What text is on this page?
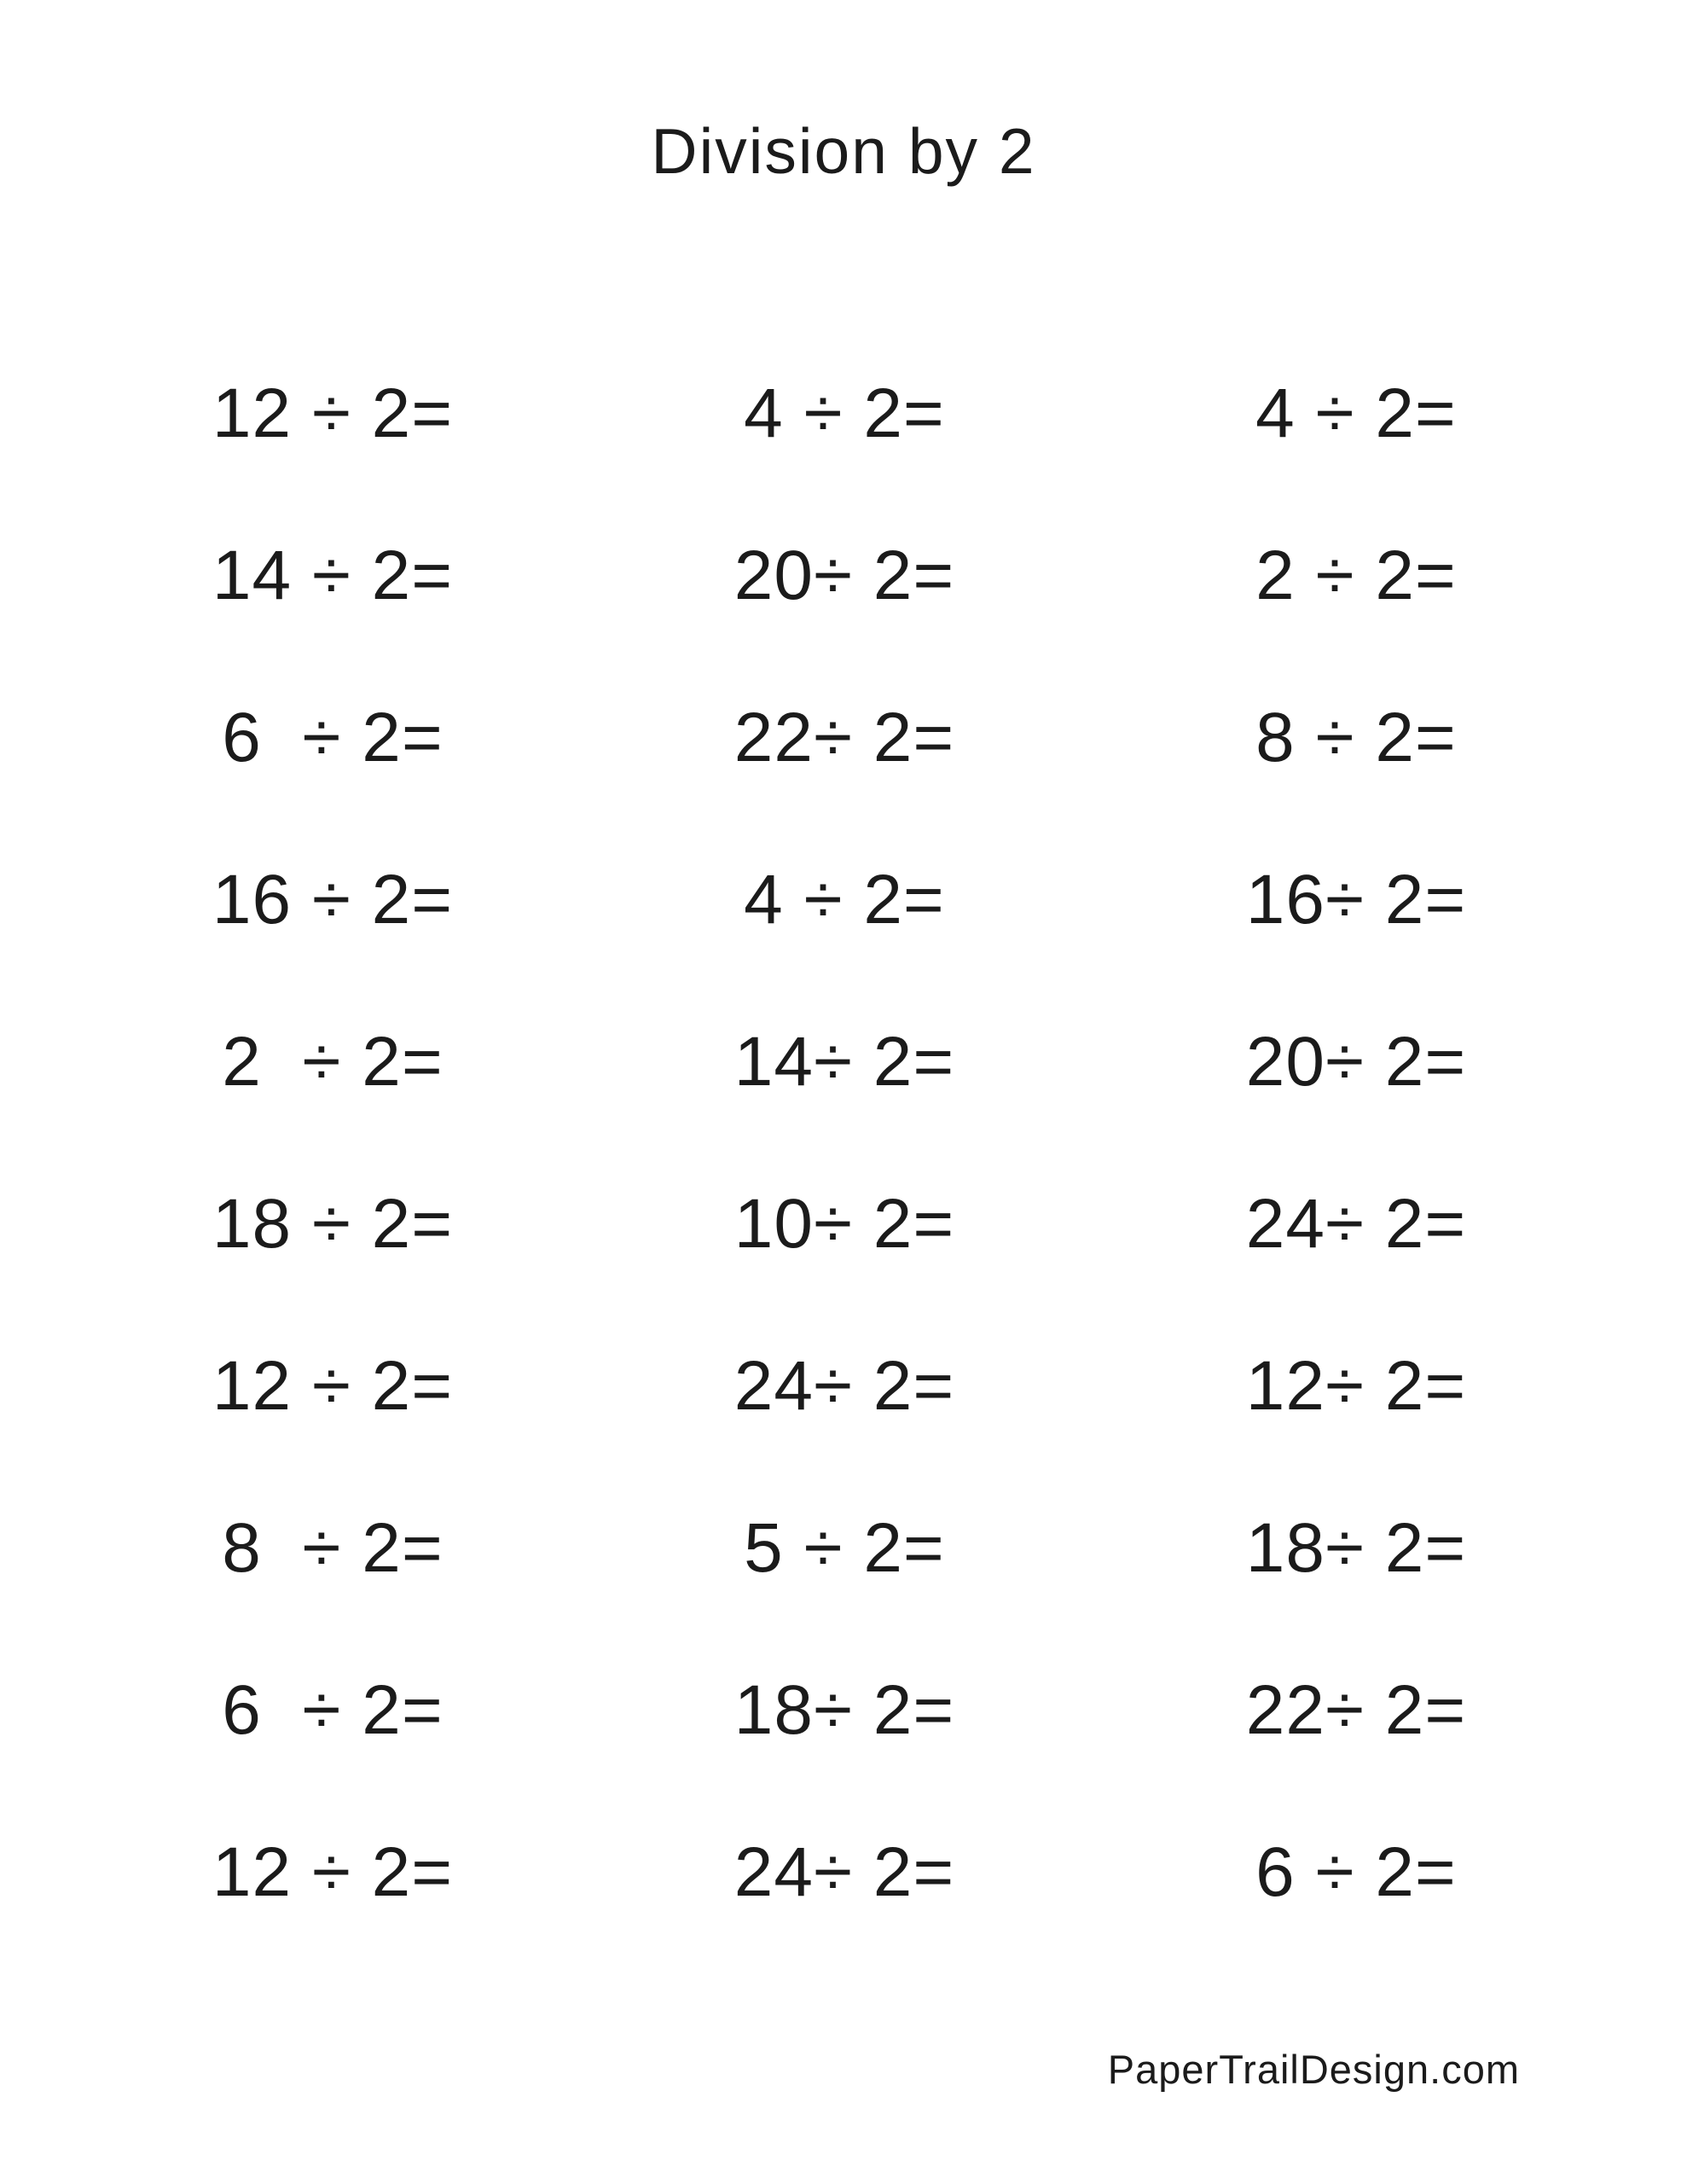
Division by 2
12 ÷ 2=	4 ÷ 2=	4 ÷ 2=
14 ÷ 2=	20÷ 2=	2 ÷ 2=
6  ÷ 2=	22÷ 2=	8 ÷ 2=
16 ÷ 2=	4 ÷ 2=	16÷ 2=
2  ÷ 2=	14÷ 2=	20÷ 2=
18 ÷ 2=	10÷ 2=	24÷ 2=
12 ÷ 2=	24÷ 2=	12÷ 2=
8  ÷ 2=	5 ÷ 2=	18÷ 2=
6  ÷ 2=	18÷ 2=	22÷ 2=
12 ÷ 2=	24÷ 2=	6 ÷ 2=
PaperTrailDesign.com
